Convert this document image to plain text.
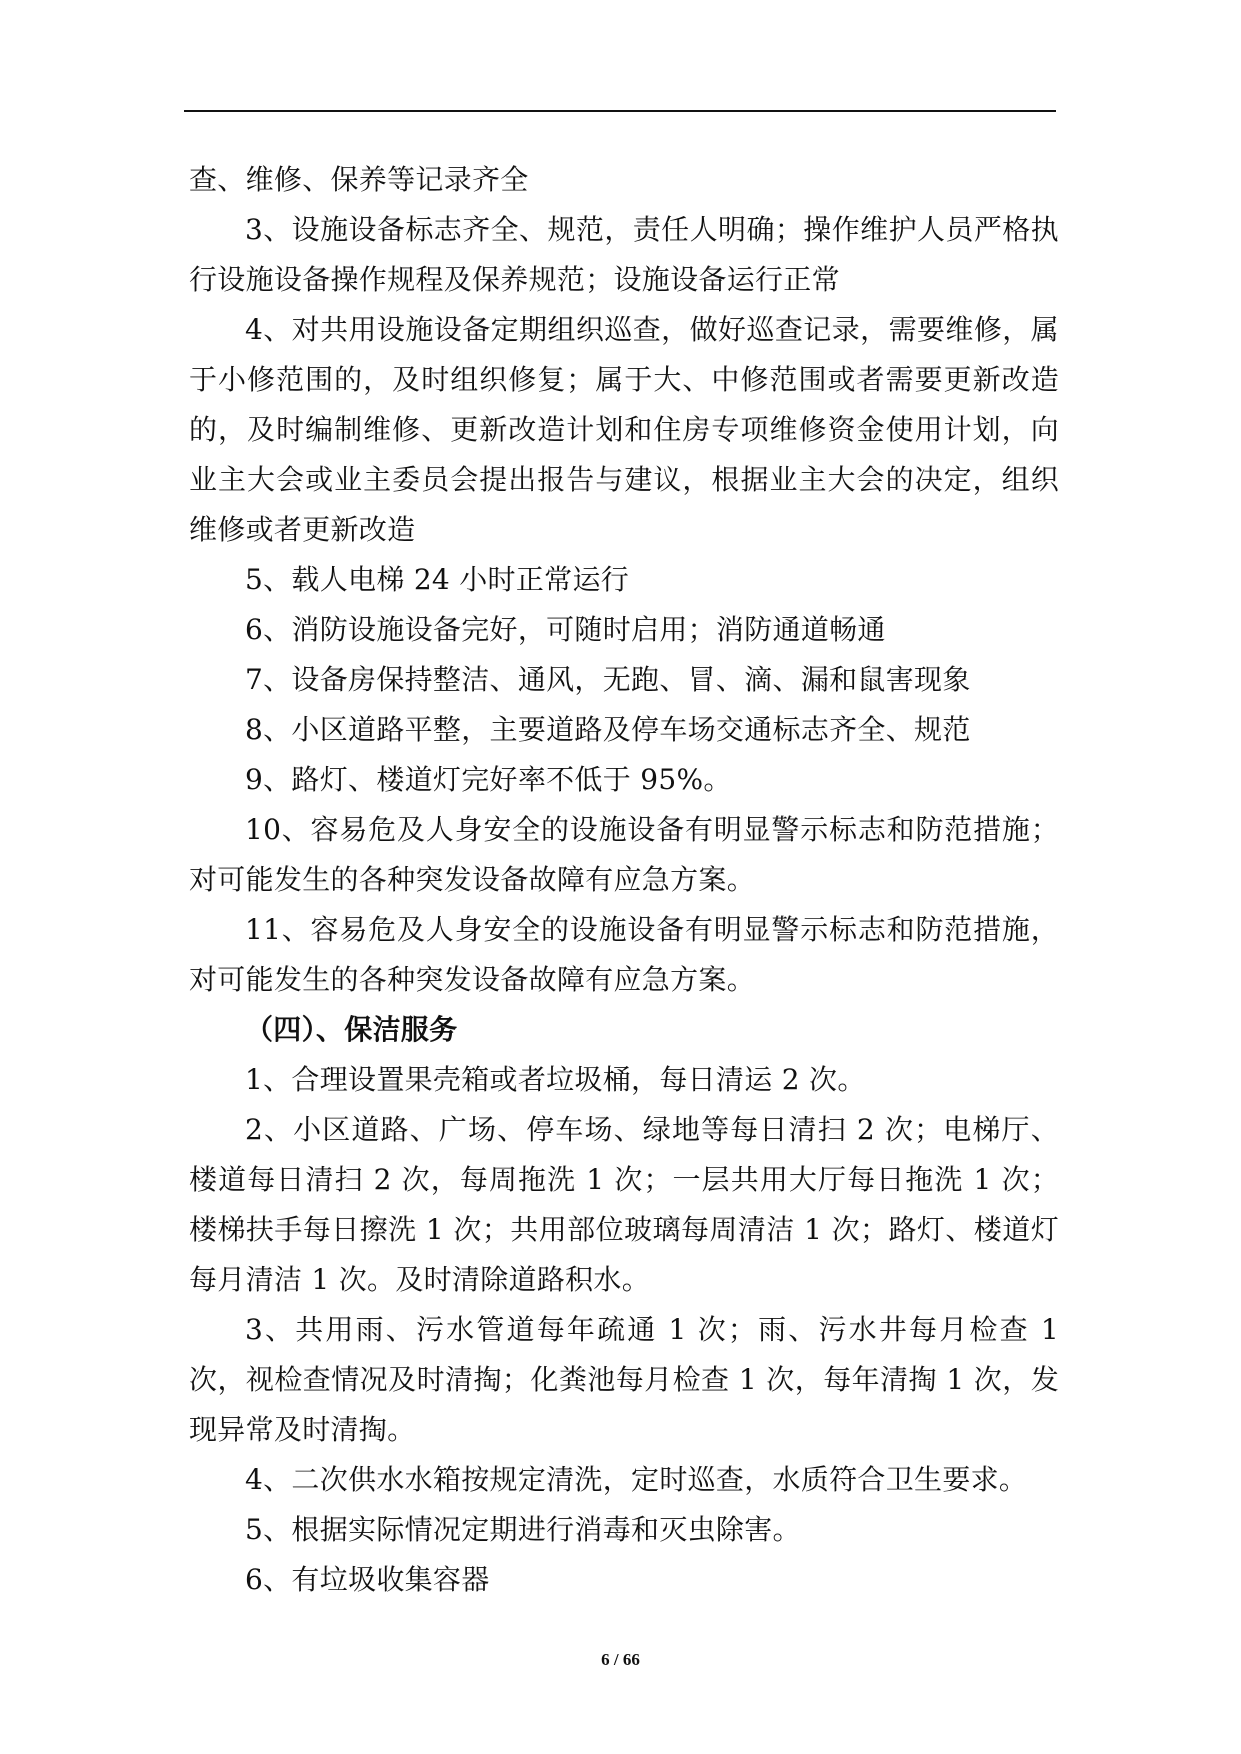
查、维修、保养等记录齐全

3、设施设备标志齐全、规范，责任人明确；操作维护人员严格执行设施设备操作规程及保养规范；设施设备运行正常

4、对共用设施设备定期组织巡查，做好巡查记录，需要维修，属于小修范围的，及时组织修复；属于大、中修范围或者需要更新改造的，及时编制维修、更新改造计划和住房专项维修资金使用计划，向业主大会或业主委员会提出报告与建议，根据业主大会的决定，组织维修或者更新改造

5、载人电梯 24 小时正常运行

6、消防设施设备完好，可随时启用；消防通道畅通

7、设备房保持整洁、通风，无跑、冒、滴、漏和鼠害现象

8、小区道路平整，主要道路及停车场交通标志齐全、规范

9、路灯、楼道灯完好率不低于 95%。

10、容易危及人身安全的设施设备有明显警示标志和防范措施；对可能发生的各种突发设备故障有应急方案。

11、容易危及人身安全的设施设备有明显警示标志和防范措施，对可能发生的各种突发设备故障有应急方案。

（四）、保洁服务

1、合理设置果壳箱或者垃圾桶，每日清运 2 次。

2、小区道路、广场、停车场、绿地等每日清扫 2 次；电梯厅、楼道每日清扫 2 次，每周拖洗 1 次；一层共用大厅每日拖洗 1 次；楼梯扶手每日擦洗 1 次；共用部位玻璃每周清洁 1 次；路灯、楼道灯每月清洁 1 次。及时清除道路积水。

3、共用雨、污水管道每年疏通 1 次；雨、污水井每月检查 1 次，视检查情况及时清掏；化粪池每月检查 1 次，每年清掏 1 次，发现异常及时清掏。

4、二次供水水箱按规定清洗，定时巡查，水质符合卫生要求。

5、根据实际情况定期进行消毒和灭虫除害。

6、有垃圾收集容器

6 / 66
